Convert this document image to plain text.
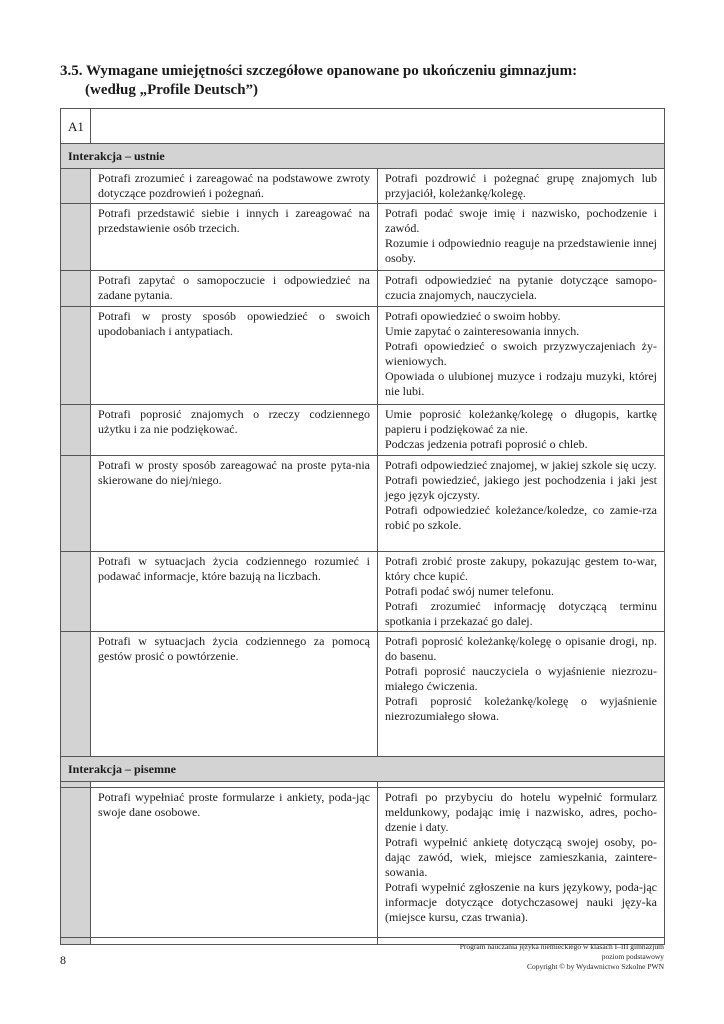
3.5. Wymagane umiejętności szczegółowe opanowane po ukończeniu gimnazjum:
(według „Profile Deutsch”)
A1		
Interakcja – ustnie		
	Potrafi zrozumieć i zareagować na podstawowe zwroty dotyczące pozdrowień i pożegnań.	Potrafi pozdrowić i pożegnać grupę znajomych lub przyjaciół, koleżankę/kolegę.

	Potrafi przedstawić siebie i innych i zareagować na przedstawienie osób trzecich.	Potrafi podać swoje imię i nazwisko, pochodzenie i zawód.
Rozumie i odpowiednio reaguje na przedstawienie innej osoby.

	Potrafi zapytać o samopoczucie i odpowiedzieć na zadane pytania.	Potrafi odpowiedzieć na pytanie dotyczące samopo-czucia znajomych, nauczyciela.

	Potrafi w prosty sposób opowiedzieć o swoich upodobaniach i antypatiach.	Potrafi opowiedzieć o swoim hobby.
Umie zapytać o zainteresowania innych.
Potrafi opowiedzieć o swoich przyzwyczajeniach ży-wieniowych.
Opowiada o ulubionej muzyce i rodzaju muzyki, której nie lubi.

	Potrafi poprosić znajomych o rzeczy codziennego użytku i za nie podziękować.	Umie poprosić koleżankę/kolegę o długopis, kartkę papieru i podziękować za nie.
Podczas jedzenia potrafi poprosić o chleb.

	Potrafi w prosty sposób zareagować na proste pyta-nia skierowane do niej/niego.	Potrafi odpowiedzieć znajomej, w jakiej szkole się uczy.
Potrafi powiedzieć, jakiego jest pochodzenia i jaki jest jego język ojczysty.
Potrafi odpowiedzieć koleżance/koledze, co zamie-rza robić po szkole.

	Potrafi w sytuacjach życia codziennego rozumieć i podawać informacje, które bazują na liczbach.	Potrafi zrobić proste zakupy, pokazując gestem to-war, który chce kupić.
Potrafi podać swój numer telefonu.
Potrafi zrozumieć informację dotyczącą terminu spotkania i przekazać go dalej.

	Potrafi w sytuacjach życia codziennego za pomocą gestów prosić o powtórzenie.	Potrafi poprosić koleżankę/kolegę o opisanie drogi, np. do basenu.
Potrafi poprosić nauczyciela o wyjaśnienie niezrozu-miałego ćwiczenia.
Potrafi poprosić koleżankę/kolegę o wyjaśnienie niezrozumiałego słowa.

Interakcja – pisemne		

	Potrafi wypełniać proste formularze i ankiety, poda-jąc swoje dane osobowe.	Potrafi po przybyciu do hotelu wypełnić formularz meldunkowy, podając imię i nazwisko, adres, pocho-dzenie i daty.
Potrafi wypełnić ankietę dotyczącą swojej osoby, po-dając zawód, wiek, miejsce zamieszkania, zaintere-sowania.
Potrafi wypełnić zgłoszenie na kurs językowy, poda-jąc informacje dotyczące dotychczasowej nauki języ-ka (miejsce kursu, czas trwania).
8
Program nauczania języka niemieckiego w klasach I–III gimnazjum
poziom podstawowy
Copyright © by Wydawnictwo Szkolne PWN
